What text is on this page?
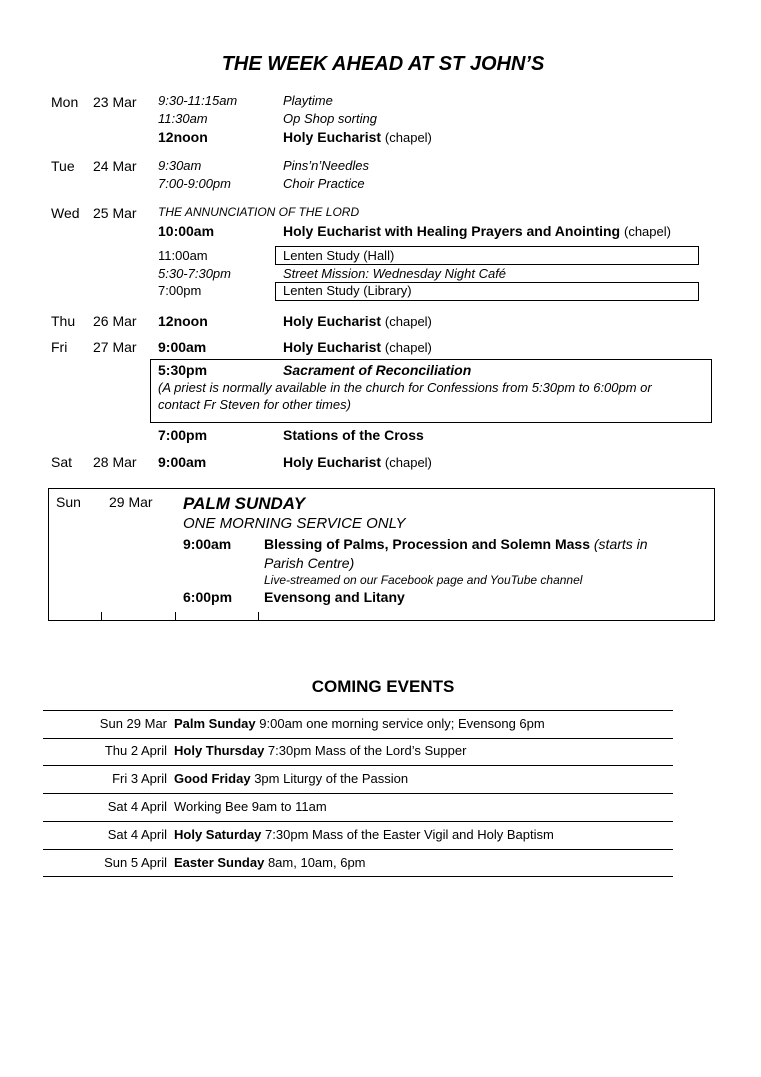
THE WEEK AHEAD AT ST JOHN’S
Mon 23 Mar 9:30-11:15am	Playtime
11:30am	Op Shop sorting
12noon	Holy Eucharist (chapel)
Tue 24 Mar 9:30am	Pins’n’Needles
7:00-9:00pm	Choir Practice
Wed 25 Mar THE ANNUNCIATION OF THE LORD
10:00am	Holy Eucharist with Healing Prayers and Anointing (chapel)
11:00am	Lenten Study (Hall)
5:30-7:30pm	Street Mission: Wednesday Night Café
7:00pm	Lenten Study (Library)
Thu 26 Mar 12noon	Holy Eucharist (chapel)
Fri 27 Mar 9:00am	Holy Eucharist (chapel)
5:30pm	Sacrament of Reconciliation
(A priest is normally available in the church for Confessions from 5:30pm to 6:00pm or
contact Fr Steven for other times)
7:00pm	Stations of the Cross
Sat 28 Mar 9:00am	Holy Eucharist (chapel)
Sun 29 Mar PALM SUNDAY
ONE MORNING SERVICE ONLY
9:00am Blessing of Palms, Procession and Solemn Mass (starts in
Parish Centre)
Live-streamed on our Facebook page and YouTube channel
6:00pm Evensong and Litany
COMING EVENTS
Sun 29 Mar Palm Sunday 9:00am one morning service only; Evensong 6pm
Thu 2 April Holy Thursday 7:30pm Mass of the Lord’s Supper
Fri 3 April Good Friday 3pm Liturgy of the Passion
Sat 4 April Working Bee 9am to 11am
Sat 4 April Holy Saturday 7:30pm Mass of the Easter Vigil and Holy Baptism
Sun 5 April Easter Sunday 8am, 10am, 6pm
